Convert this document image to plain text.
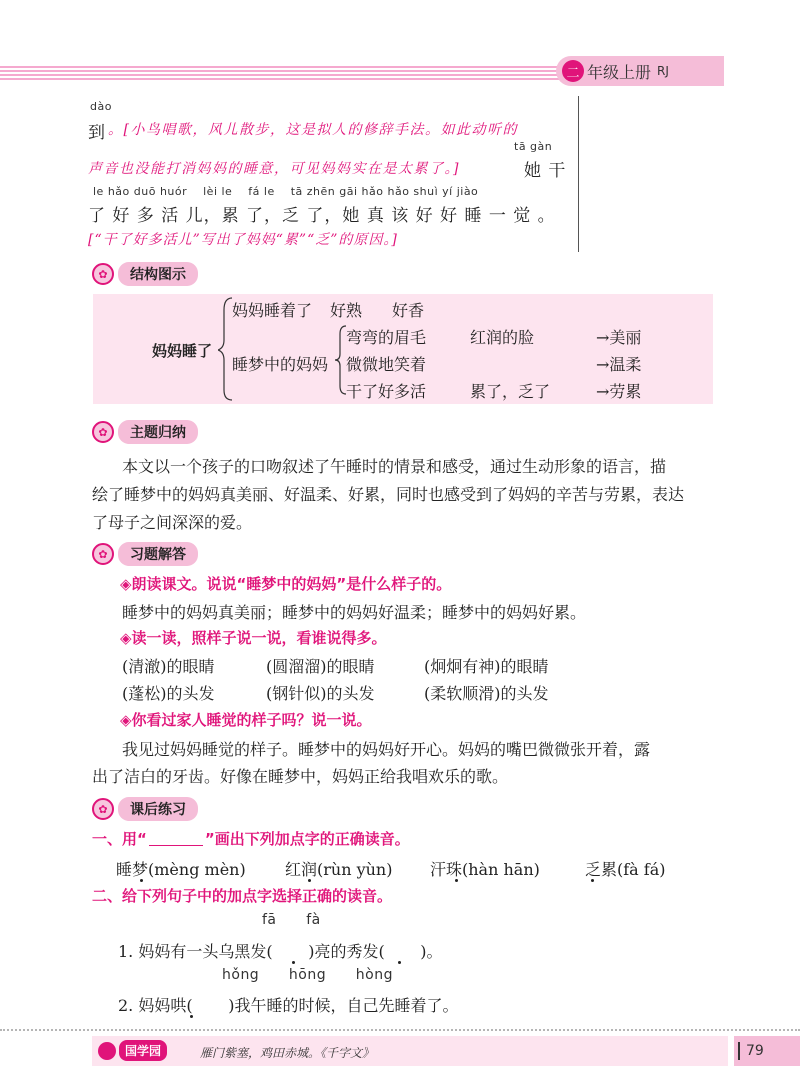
二 年级上册 RJ
dào
到 。[小鸟唱歌，风儿散步，这是拟人的修辞手法。如此动听的
tā gàn
声音也没能打消妈妈的睡意，可见妈妈实在是太累了。]	她 干
le hǎo duō huór    lèi le    fá le    tā zhēn gāi hǎo hǎo shuì yí jiào
了 好 多 活 儿，累 了，乏 了，她 真 该 好 好 睡 一 觉 。
[“干了好多活儿”写出了妈妈“累”“乏”的原因。]
✿	结构图示
妈妈睡了
妈妈睡着了 好熟 好香
睡梦中的妈妈
弯弯的眉毛	红润的脸	→美丽
微微地笑着	→温柔
干了好多活	累了，乏了	→劳累
✿	主题归纳
本文以一个孩子的口吻叙述了午睡时的情景和感受，通过生动形象的语言，描
绘了睡梦中的妈妈真美丽、好温柔、好累，同时也感受到了妈妈的辛苦与劳累，表达
了母子之间深深的爱。
✿	习题解答
◈朗读课文。说说“睡梦中的妈妈”是什么样子的。
睡梦中的妈妈真美丽；睡梦中的妈妈好温柔；睡梦中的妈妈好累。
◈读一读，照样子说一说，看谁说得多。
(清澈)的眼睛	(圆溜溜)的眼睛	(炯炯有神)的眼睛
(蓬松)的头发	(钢针似)的头发	(柔软顺滑)的头发
◈你看过家人睡觉的样子吗？说一说。
我见过妈妈睡觉的样子。睡梦中的妈妈好开心。妈妈的嘴巴微微张开着，露
出了洁白的牙齿。好像在睡梦中，妈妈正给我唱欢乐的歌。
✿	课后练习
一、用“	”画出下列加点字的正确读音。
睡梦(mèng mèn) 红润(rùn yùn) 汗珠(hàn hān)	乏累(fà fá)
二、给下列句子中的加点字选择正确的读音。
fā      fà
1. 妈妈有一头乌黑发(       )亮的秀发(       )。
hǒng      hōng      hòng
2. 妈妈哄(       )我午睡的时候，自己先睡着了。
国学园	雁门紫塞，鸡田赤城。《千字文》	79
